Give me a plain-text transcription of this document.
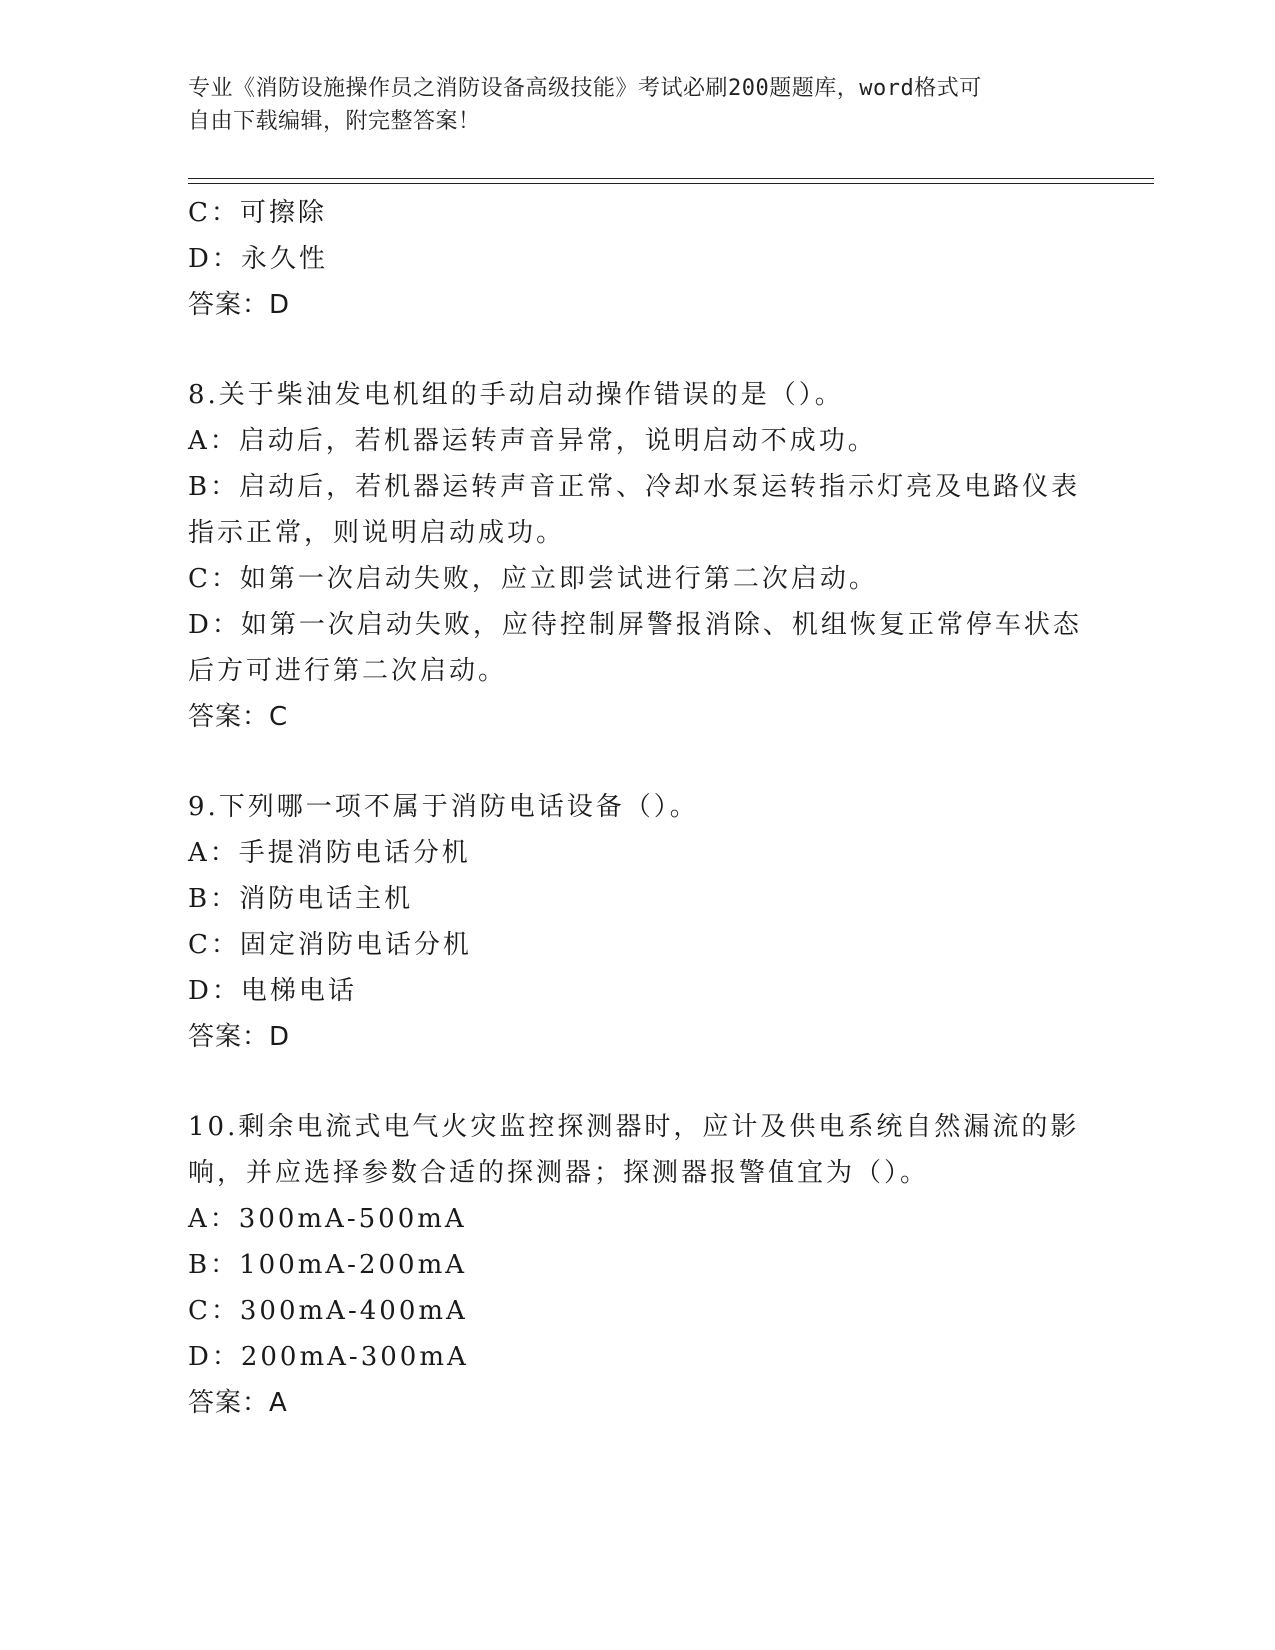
专业《消防设施操作员之消防设备高级技能》考试必刷200题题库，word格式可
自由下载编辑，附完整答案！
C：可擦除
D：永久性
答案：D
8.关于柴油发电机组的手动启动操作错误的是（）。
A：启动后，若机器运转声音异常，说明启动不成功。
B：启动后，若机器运转声音正常、冷却水泵运转指示灯亮及电路仪表
指示正常，则说明启动成功。
C：如第一次启动失败，应立即尝试进行第二次启动。
D：如第一次启动失败，应待控制屏警报消除、机组恢复正常停车状态
后方可进行第二次启动。
答案：C
9.下列哪一项不属于消防电话设备（）。
A：手提消防电话分机
B：消防电话主机
C：固定消防电话分机
D：电梯电话
答案：D
10.剩余电流式电气火灾监控探测器时，应计及供电系统自然漏流的影
响，并应选择参数合适的探测器；探测器报警值宜为（）。
A：300mA-500mA
B：100mA-200mA
C：300mA-400mA
D：200mA-300mA
答案：A
